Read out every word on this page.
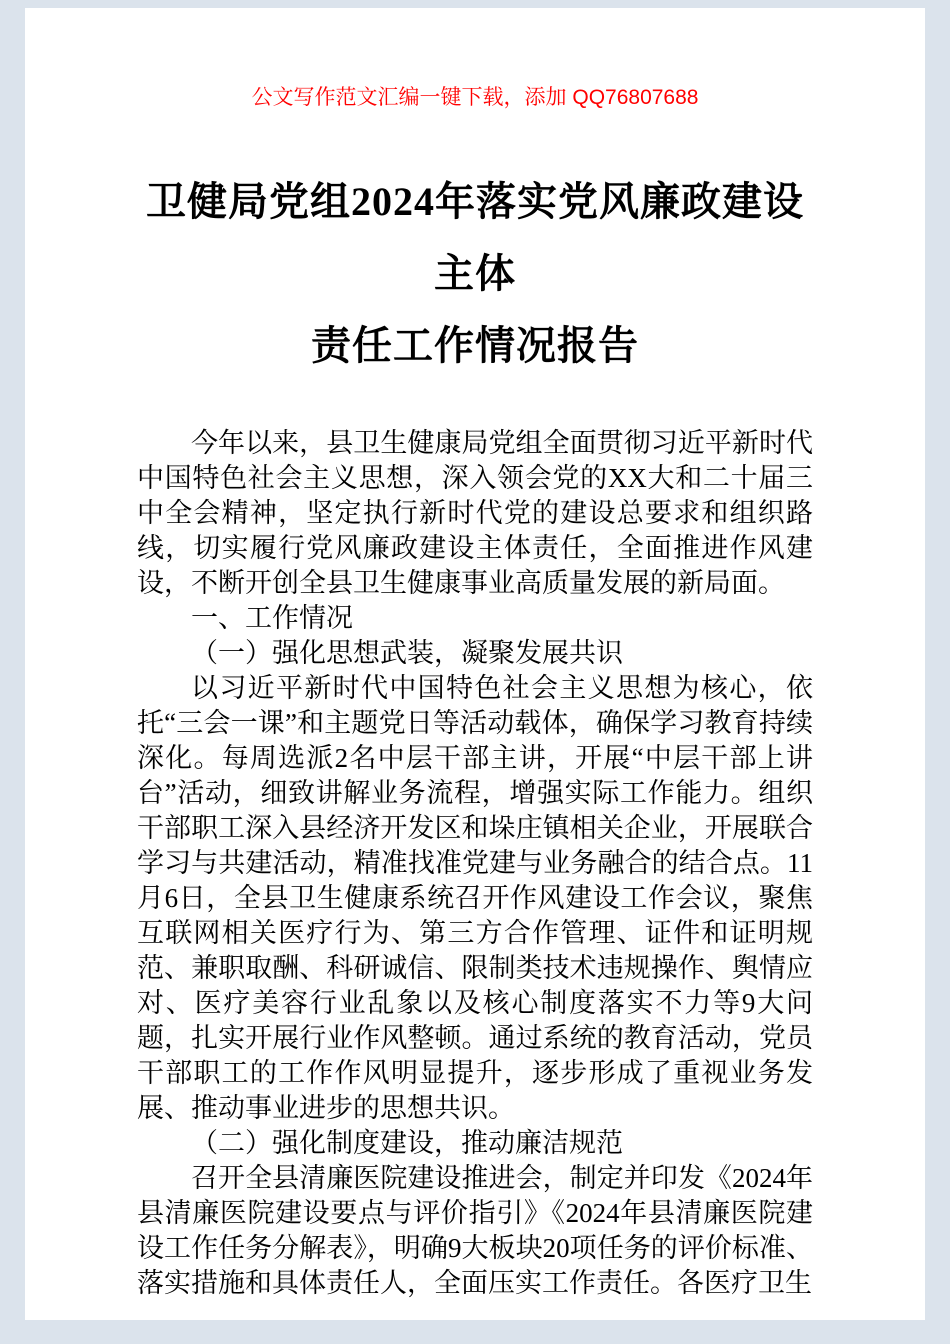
公文写作范文汇编一键下载，添加 QQ76807688
卫健局党组2024年落实党风廉政建设主体
责任工作情况报告

今年以来，县卫生健康局党组全面贯彻习近平新时代中国特色社会主义思想，深入领会党的XX大和二十届三中全会精神，坚定执行新时代党的建设总要求和组织路线，切实履行党风廉政建设主体责任，全面推进作风建设，不断开创全县卫生健康事业高质量发展的新局面。

一、工作情况

（一）强化思想武装，凝聚发展共识

以习近平新时代中国特色社会主义思想为核心，依托“三会一课”和主题党日等活动载体，确保学习教育持续深化。每周选派2名中层干部主讲，开展“中层干部上讲台”活动，细致讲解业务流程，增强实际工作能力。组织干部职工深入县经济开发区和垛庄镇相关企业，开展联合学习与共建活动，精准找准党建与业务融合的结合点。11月6日，全县卫生健康系统召开作风建设工作会议，聚焦互联网相关医疗行为、第三方合作管理、证件和证明规范、兼职取酬、科研诚信、限制类技术违规操作、舆情应对、医疗美容行业乱象以及核心制度落实不力等9大问题，扎实开展行业作风整顿。通过系统的教育活动，党员干部职工的工作作风明显提升，逐步形成了重视业务发展、推动事业进步的思想共识。

（二）强化制度建设，推动廉洁规范

召开全县清廉医院建设推进会，制定并印发《2024年县清廉医院建设要点与评价指引》《2024年县清廉医院建设工作任务分解表》，明确9大板块20项任务的评价标准、落实措施和具体责任人，全面压实工作责任。各医疗卫生
